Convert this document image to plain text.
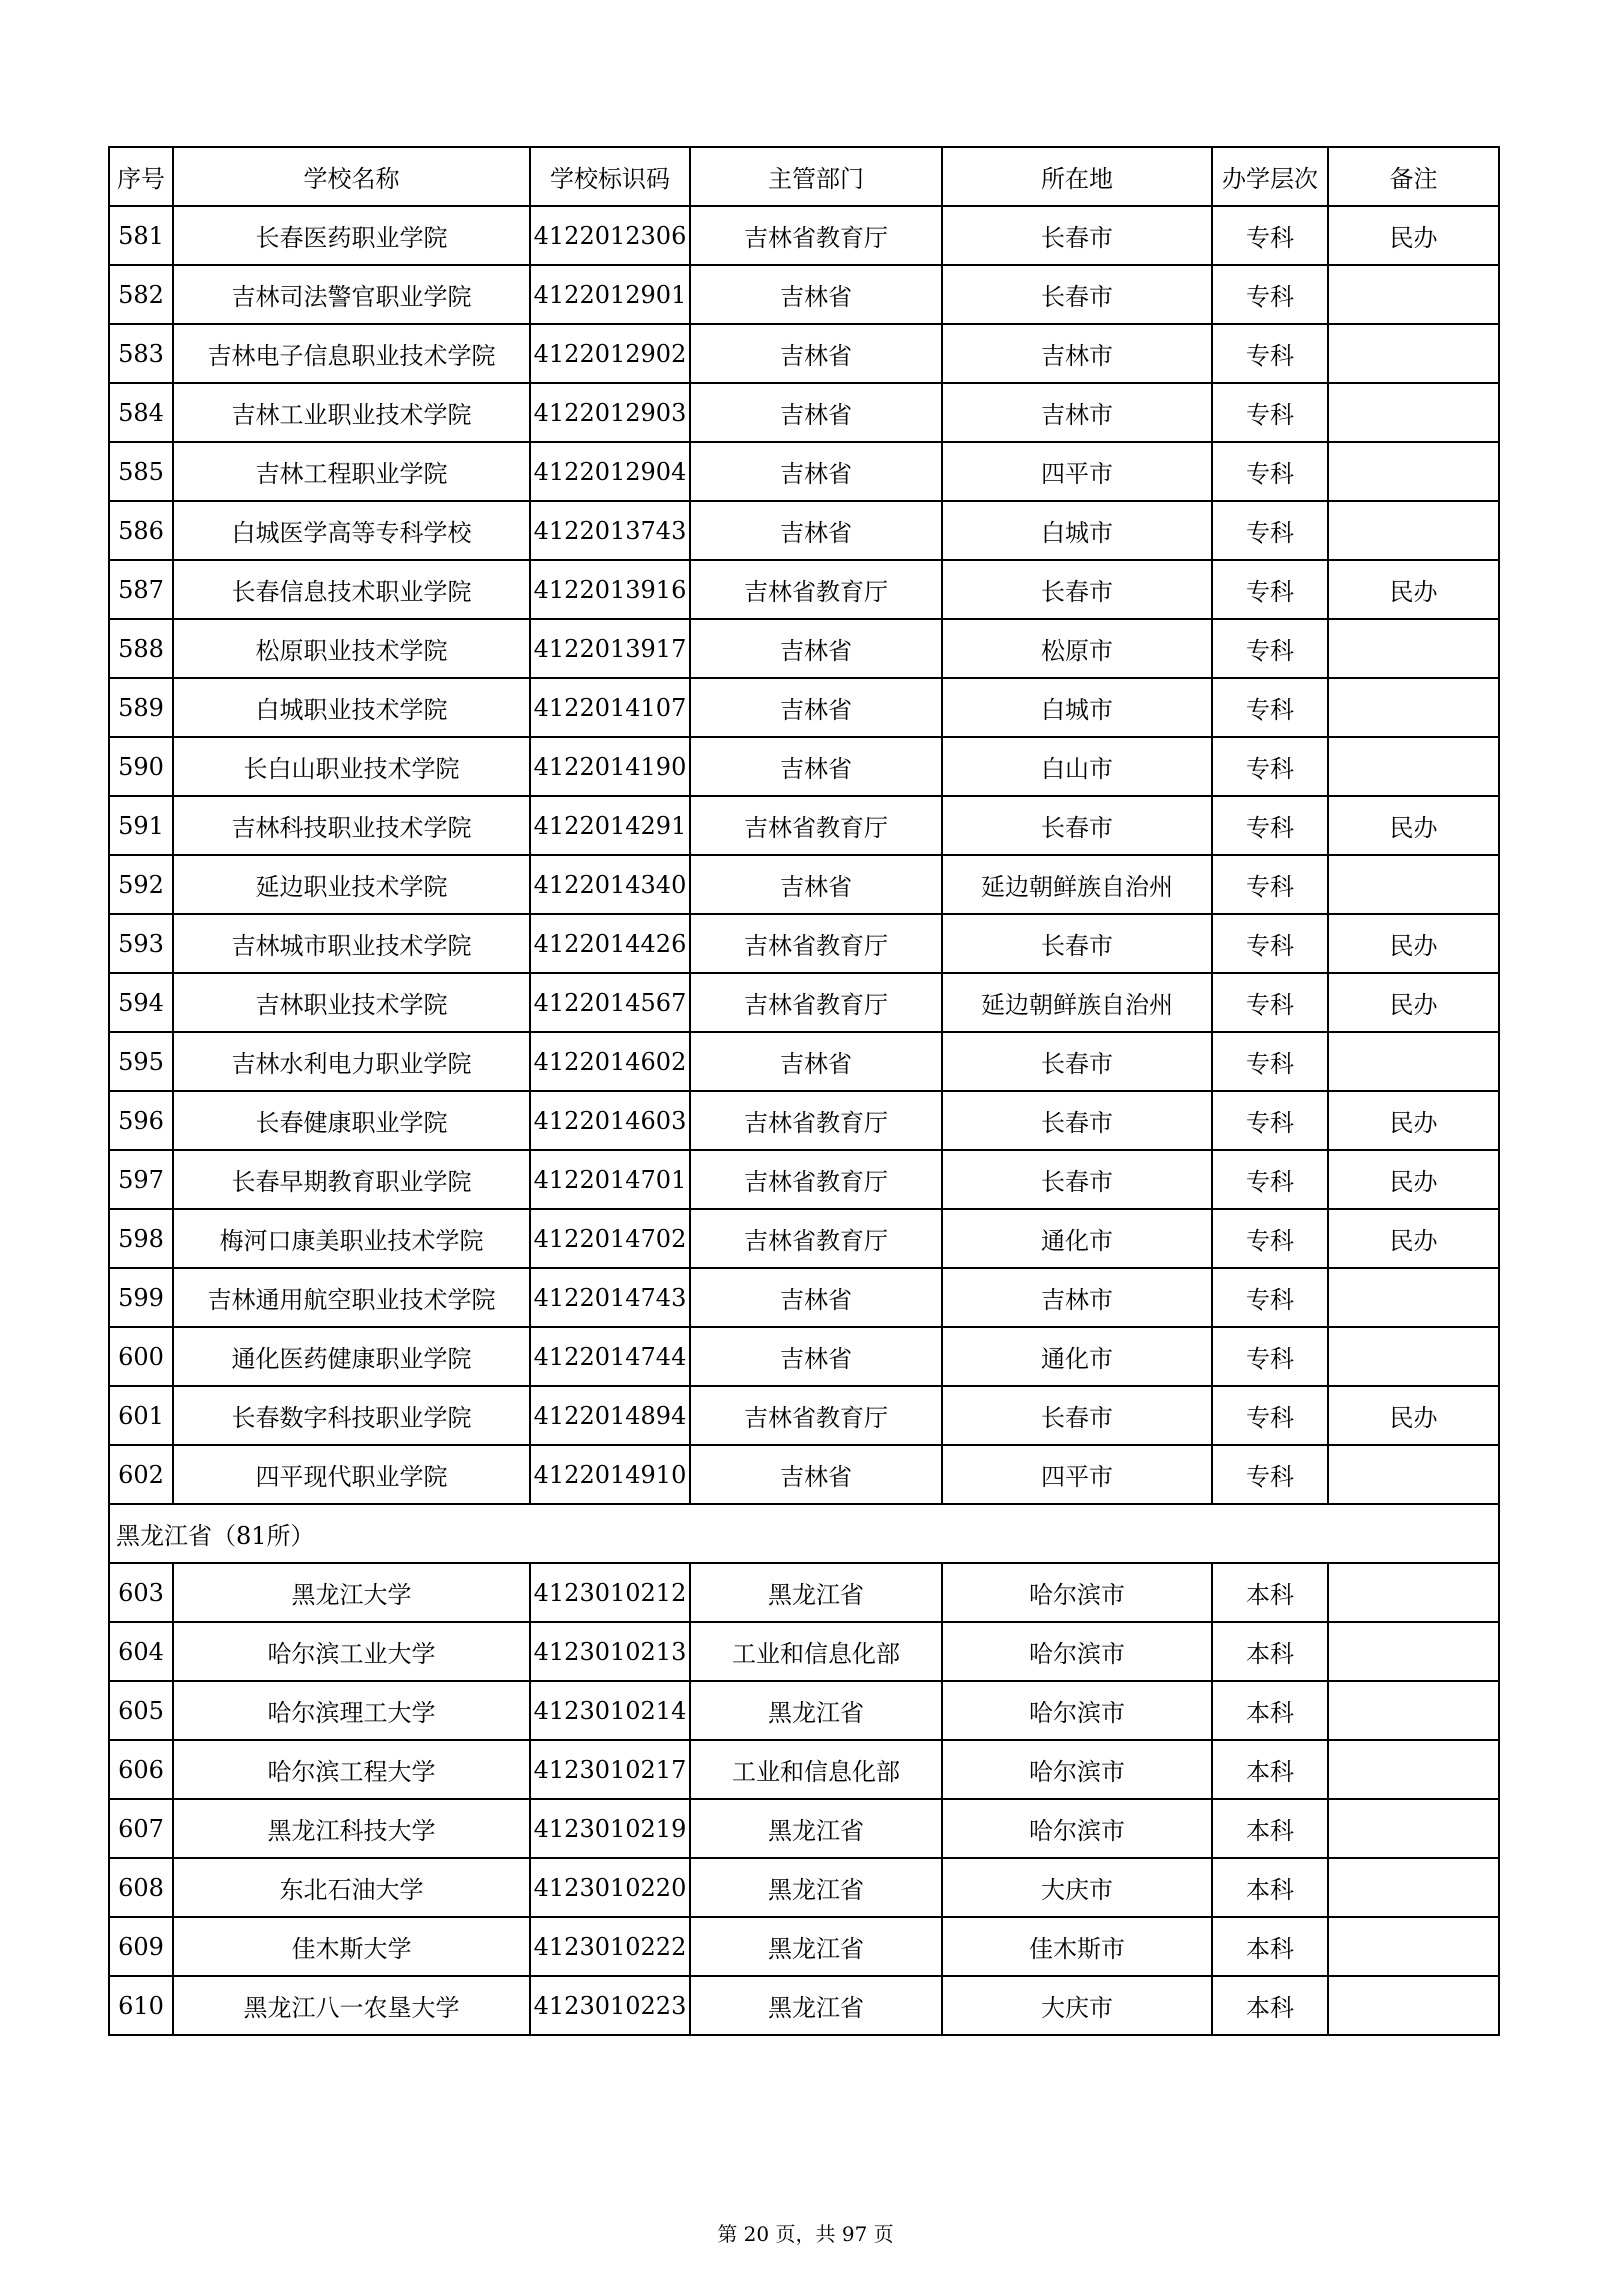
序号	学校名称	学校标识码	主管部门	所在地	办学层次	备注
581	长春医药职业学院	4122012306	吉林省教育厅	长春市	专科	民办
582	吉林司法警官职业学院	4122012901	吉林省	长春市	专科	
583	吉林电子信息职业技术学院	4122012902	吉林省	吉林市	专科	
584	吉林工业职业技术学院	4122012903	吉林省	吉林市	专科	
585	吉林工程职业学院	4122012904	吉林省	四平市	专科	
586	白城医学高等专科学校	4122013743	吉林省	白城市	专科	
587	长春信息技术职业学院	4122013916	吉林省教育厅	长春市	专科	民办
588	松原职业技术学院	4122013917	吉林省	松原市	专科	
589	白城职业技术学院	4122014107	吉林省	白城市	专科	
590	长白山职业技术学院	4122014190	吉林省	白山市	专科	
591	吉林科技职业技术学院	4122014291	吉林省教育厅	长春市	专科	民办
592	延边职业技术学院	4122014340	吉林省	延边朝鲜族自治州	专科	
593	吉林城市职业技术学院	4122014426	吉林省教育厅	长春市	专科	民办
594	吉林职业技术学院	4122014567	吉林省教育厅	延边朝鲜族自治州	专科	民办
595	吉林水利电力职业学院	4122014602	吉林省	长春市	专科	
596	长春健康职业学院	4122014603	吉林省教育厅	长春市	专科	民办
597	长春早期教育职业学院	4122014701	吉林省教育厅	长春市	专科	民办
598	梅河口康美职业技术学院	4122014702	吉林省教育厅	通化市	专科	民办
599	吉林通用航空职业技术学院	4122014743	吉林省	吉林市	专科	
600	通化医药健康职业学院	4122014744	吉林省	通化市	专科	
601	长春数字科技职业学院	4122014894	吉林省教育厅	长春市	专科	民办
602	四平现代职业学院	4122014910	吉林省	四平市	专科	
黑龙江省（81所）						
603	黑龙江大学	4123010212	黑龙江省	哈尔滨市	本科	
604	哈尔滨工业大学	4123010213	工业和信息化部	哈尔滨市	本科	
605	哈尔滨理工大学	4123010214	黑龙江省	哈尔滨市	本科	
606	哈尔滨工程大学	4123010217	工业和信息化部	哈尔滨市	本科	
607	黑龙江科技大学	4123010219	黑龙江省	哈尔滨市	本科	
608	东北石油大学	4123010220	黑龙江省	大庆市	本科	
609	佳木斯大学	4123010222	黑龙江省	佳木斯市	本科	
610	黑龙江八一农垦大学	4123010223	黑龙江省	大庆市	本科	
第 20 页，共 97 页
